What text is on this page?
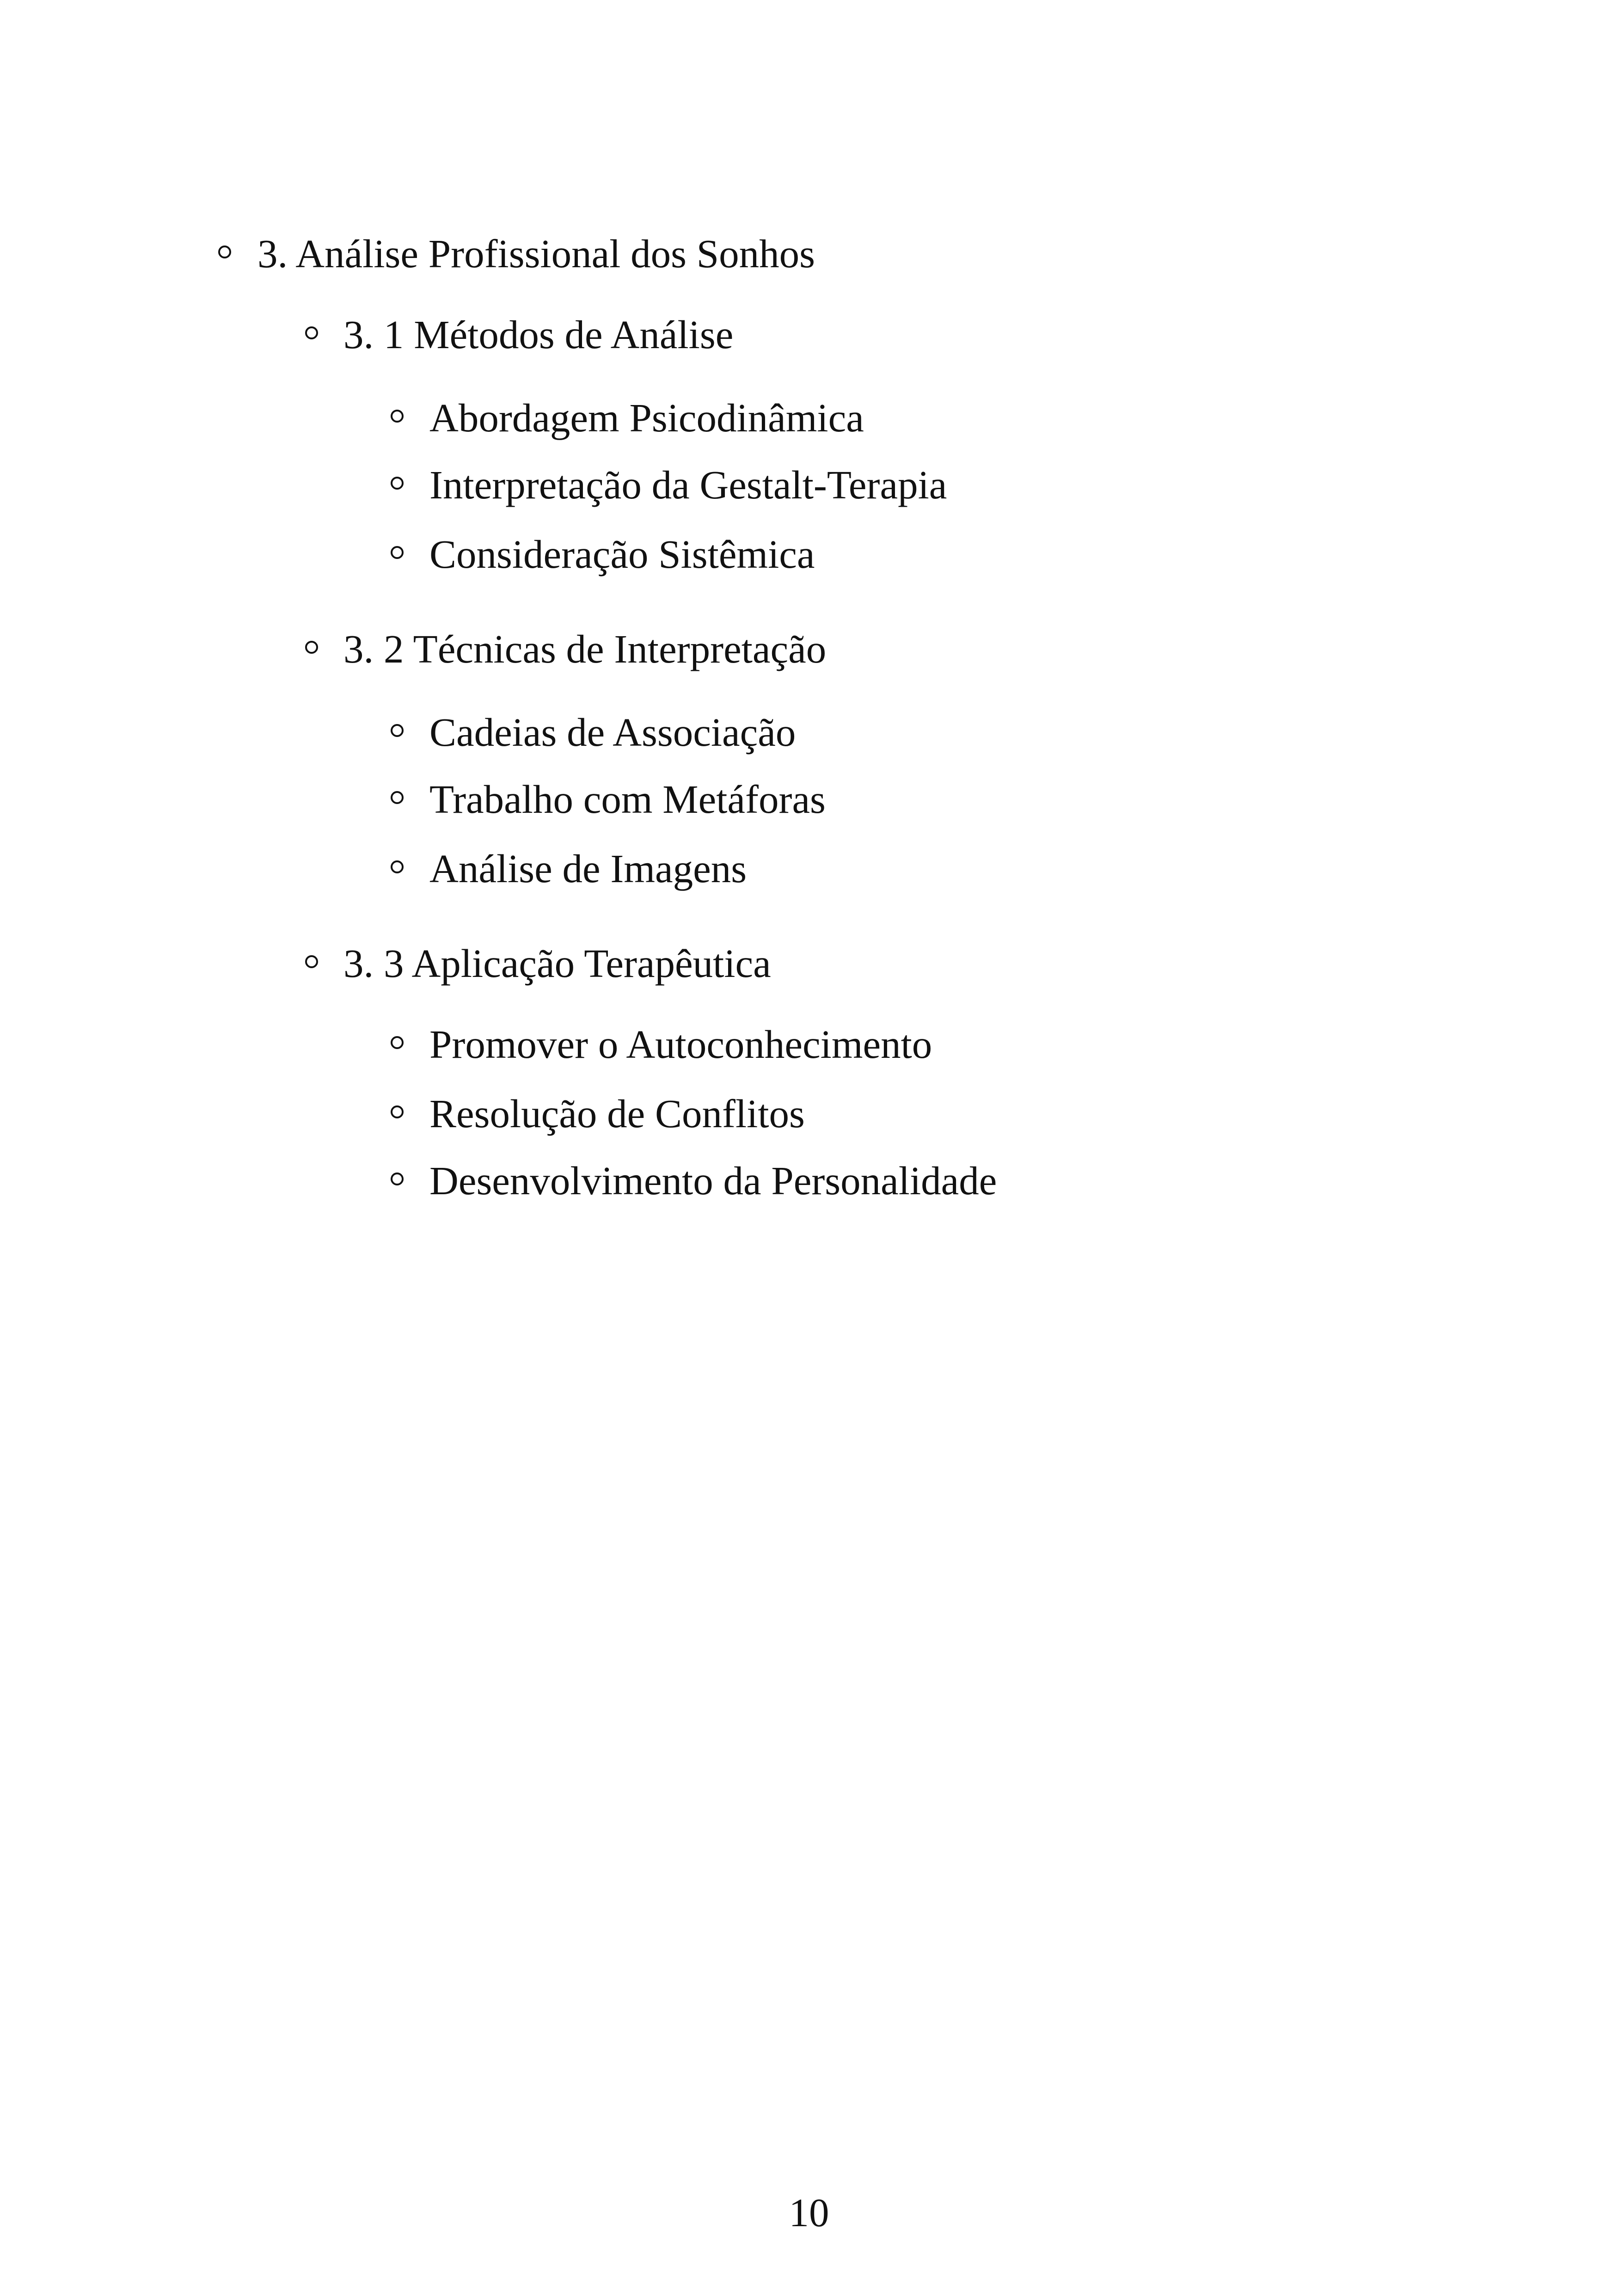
3. Análise Profissional dos Sonhos
3. 1 Métodos de Análise
Abordagem Psicodinâmica
Interpretação da Gestalt-Terapia
Consideração Sistêmica
3. 2 Técnicas de Interpretação
Cadeias de Associação
Trabalho com Metáforas
Análise de Imagens
3. 3 Aplicação Terapêutica
Promover o Autoconhecimento
Resolução de Conflitos
Desenvolvimento da Personalidade
10
